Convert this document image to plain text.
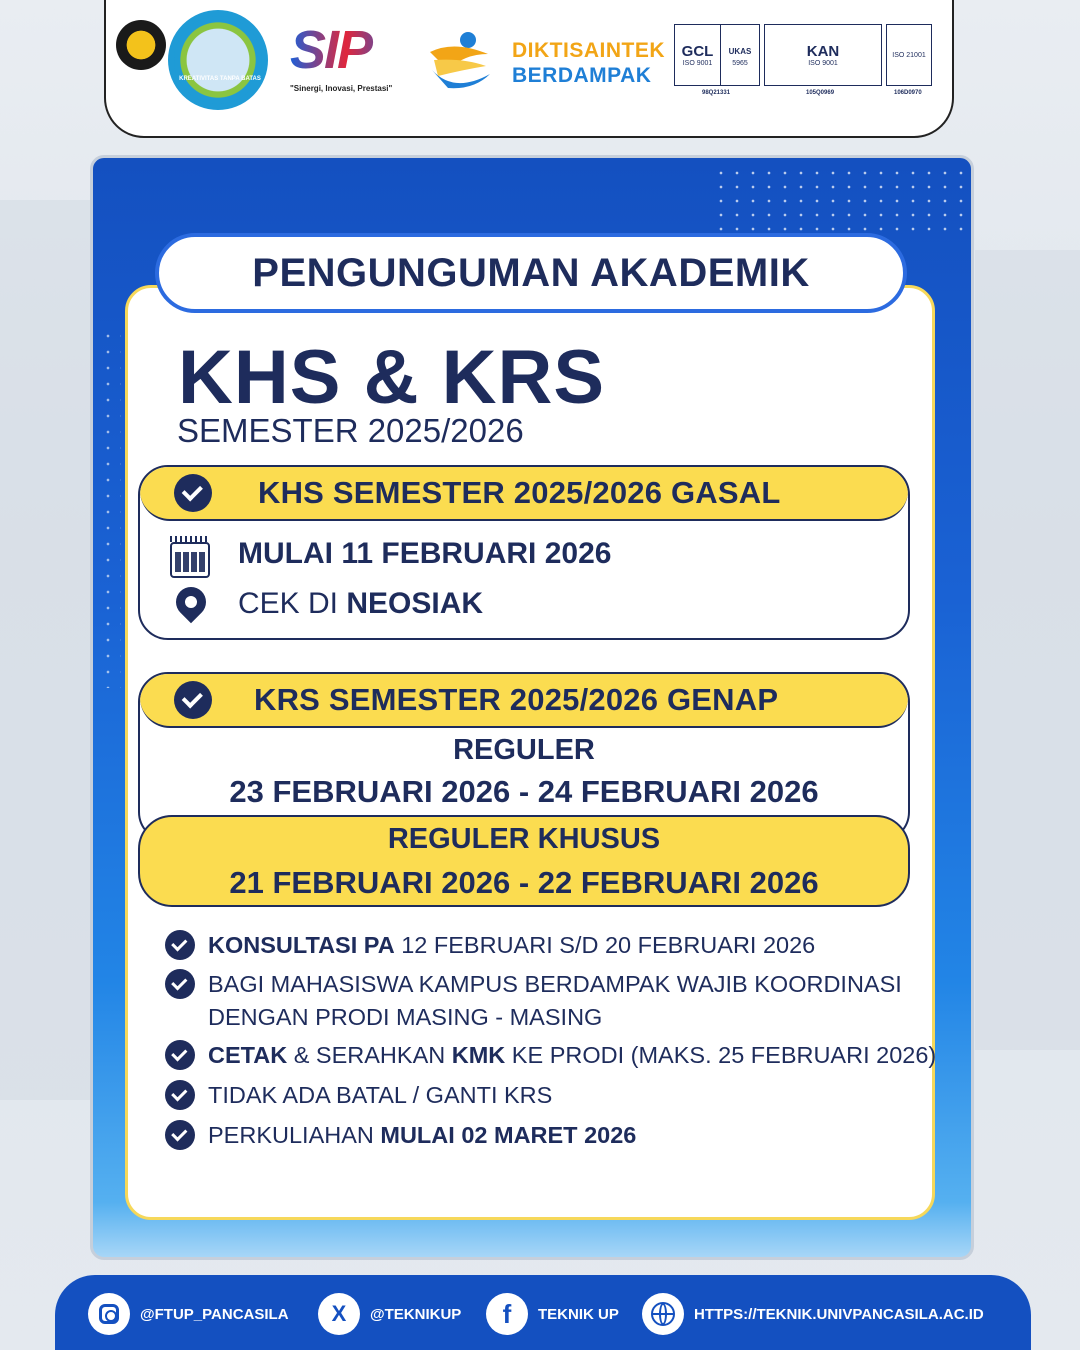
KREATIVITAS TANPA BATAS SIP
"Sinergi, Inovasi, Prestasi"
DIKTISAINTEK
BERDAMPAK
GCL
ISO 9001
UKAS
5965
98Q21331
KAN
ISO 9001
105Q0969
ISO 21001
106D0970
PENGUNGUMAN AKADEMIK
KHS & KRS
SEMESTER 2025/2026
KHS SEMESTER 2025/2026 GASAL
MULAI 11 FEBRUARI 2026
CEK DI NEOSIAK
KRS SEMESTER 2025/2026 GENAP
REGULER
23 FEBRUARI 2026 - 24 FEBRUARI 2026
REGULER KHUSUS
21 FEBRUARI 2026 - 22 FEBRUARI 2026
KONSULTASI PA 12 FEBRUARI S/D 20 FEBRUARI 2026
BAGI MAHASISWA KAMPUS BERDAMPAK WAJIB KOORDINASI
DENGAN PRODI MASING - MASING
CETAK & SERAHKAN KMK KE PRODI (MAKS. 25 FEBRUARI 2026)
TIDAK ADA BATAL / GANTI KRS
PERKULIAHAN MULAI 02 MARET 2026
@FTUP_PANCASILA	X	@TEKNIKUP	f	TEKNIK UP	HTTPS://TEKNIK.UNIVPANCASILA.AC.ID
